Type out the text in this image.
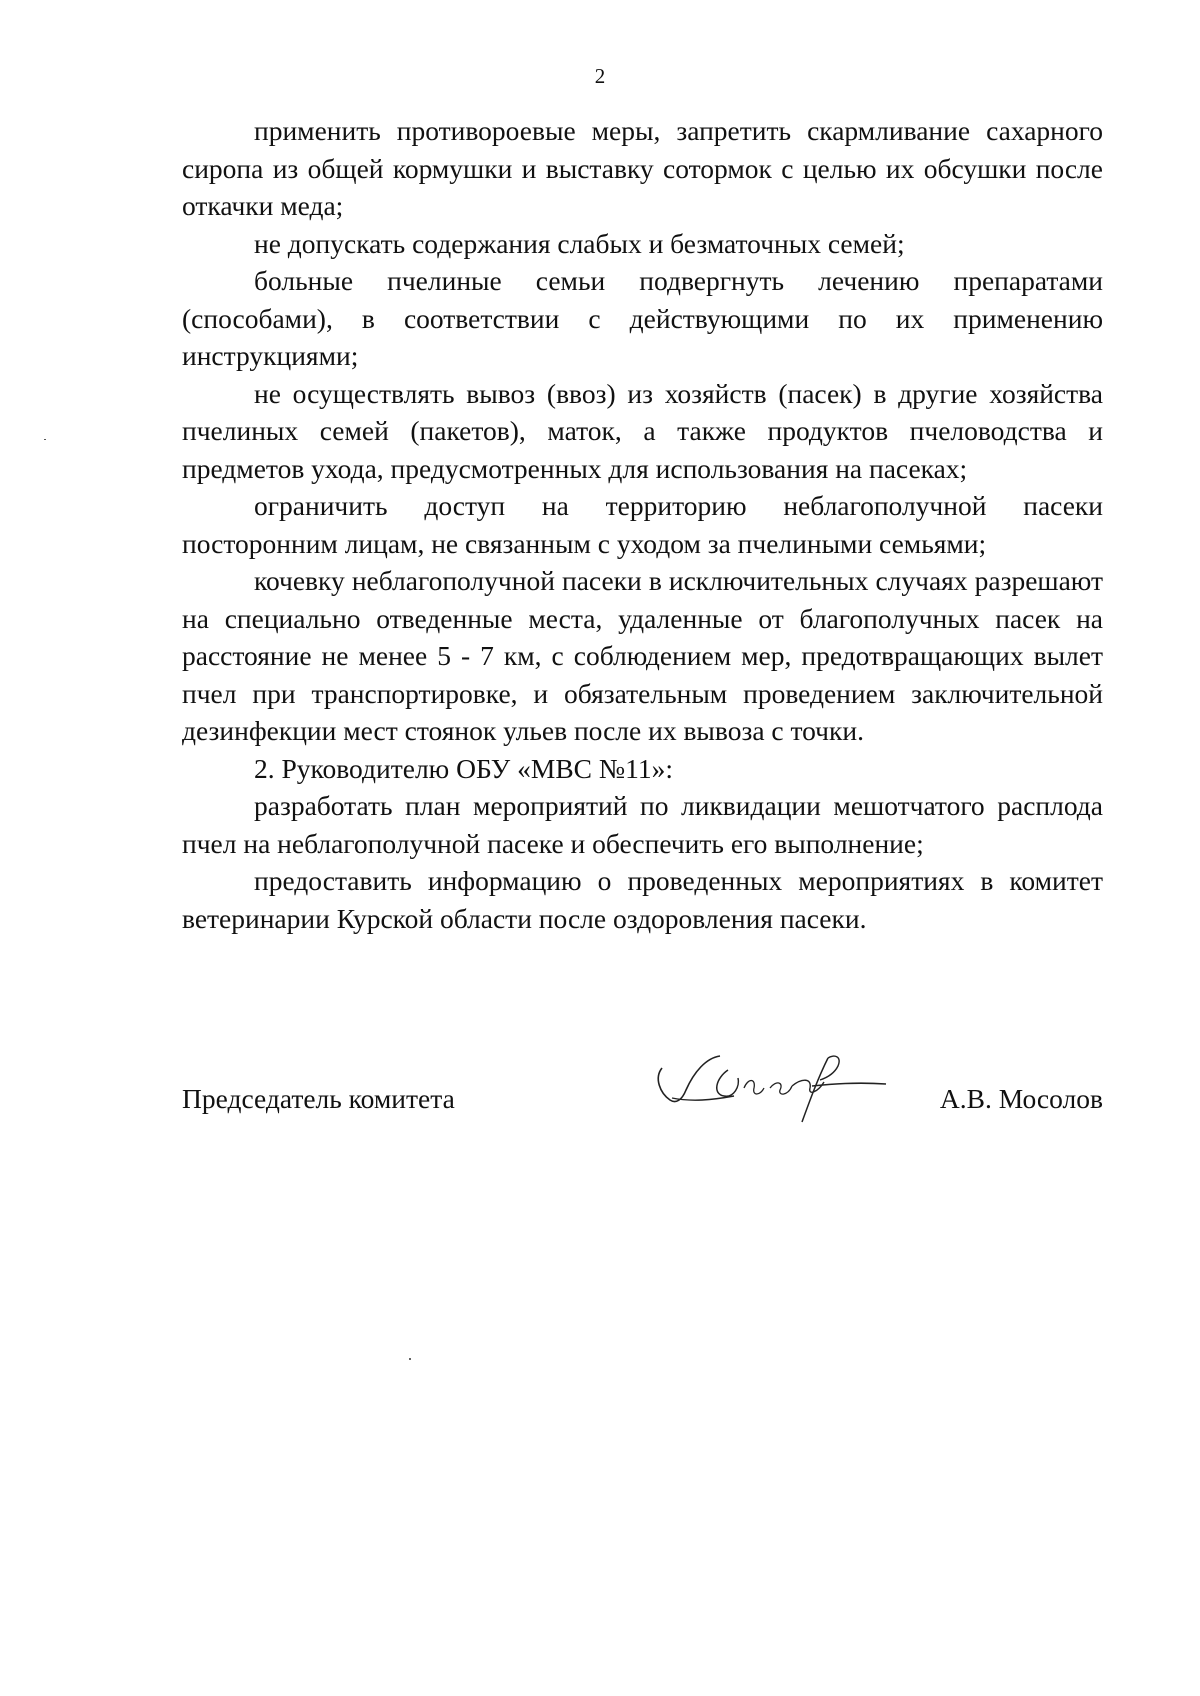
2

применить противороевые меры, запретить скармливание сахарного сиропа из общей кормушки и выставку сотормок с целью их обсушки после откачки меда;

не допускать содержания слабых и безматочных семей;

больные пчелиные семьи подвергнуть лечению препаратами (способами), в соответствии с действующими по их применению инструкциями;

не осуществлять вывоз (ввоз) из хозяйств (пасек) в другие хозяйства пчелиных семей (пакетов), маток, а также продуктов пчеловодства и предметов ухода, предусмотренных для использования на пасеках;

ограничить доступ на территорию неблагополучной пасеки посторонним лицам, не связанным с уходом за пчелиными семьями;

кочевку неблагополучной пасеки в исключительных случаях разрешают на специально отведенные места, удаленные от благополучных пасек на расстояние не менее 5 - 7 км, с соблюдением мер, предотвращающих вылет пчел при транспортировке, и обязательным проведением заключительной дезинфекции мест стоянок ульев после их вывоза с точки.

2. Руководителю ОБУ «МВС №11»:

разработать план мероприятий по ликвидации мешотчатого расплода пчел на неблагополучной пасеке и обеспечить его выполнение;

предоставить информацию о проведенных мероприятиях в комитет ветеринарии Курской области после оздоровления пасеки.

Председатель комитета	А.В. Мосолов
